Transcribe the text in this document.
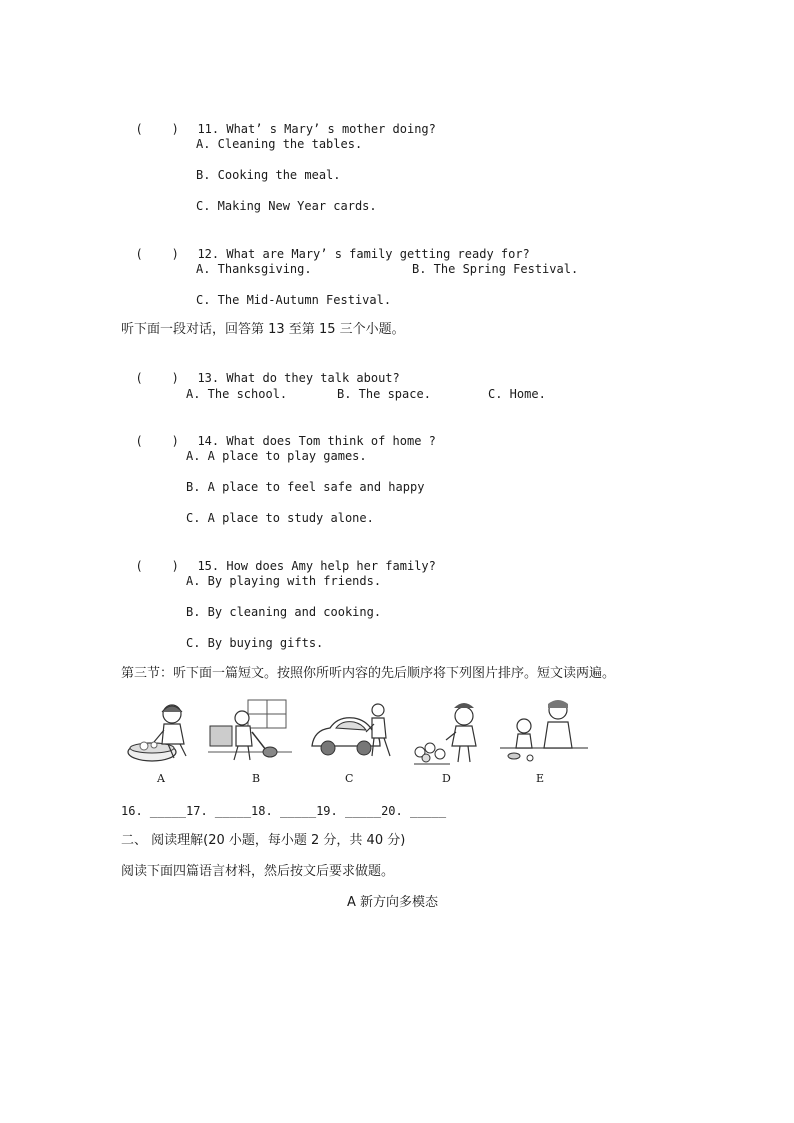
(    ) 11. What’ s Mary’ s mother doing?

A. Cleaning the tables.
B. Cooking the meal.
C. Making New Year cards.

(    ) 12. What are Mary’ s family getting ready for?

A. Thanksgiving.	B. The Spring Festival.
C. The Mid-Autumn Festival.
听下面一段对话，回答第 13 至第 15 三个小题。

(    ) 13. What do they talk about?

A. The school.	B. The space.	C. Home.

(    ) 14. What does Tom think of home ?

A. A place to play games.
B. A place to feel safe and happy
C. A place to study alone.

(    ) 15. How does Amy help her family?

A. By playing with friends.
B. By cleaning and cooking.
C. By buying gifts.
第三节：听下面一篇短文。按照你所听内容的先后顺序将下列图片排序。短文读两遍。
A	B	C	D	E
16. _____17. _____18. _____19. _____20. _____
二、 阅读理解(20 小题，每小题 2 分，共 40 分)
阅读下面四篇语言材料，然后按文后要求做题。
A 新方向多模态
